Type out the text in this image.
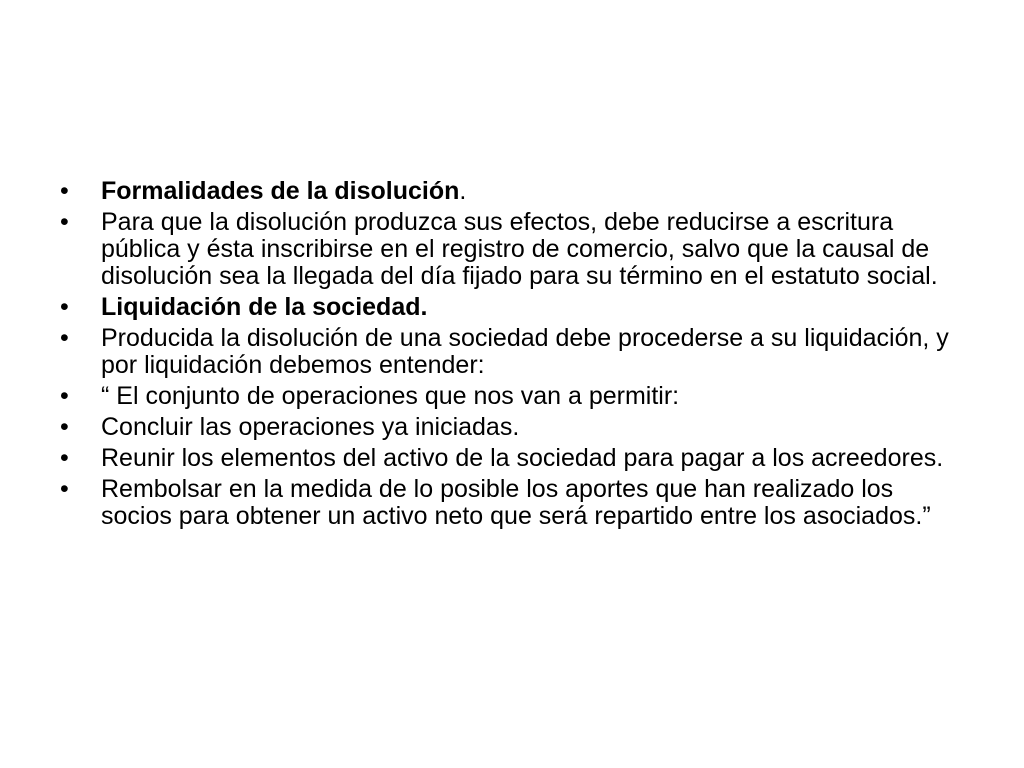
•	Formalidades de la disolución.
•	Para que la disolución produzca sus efectos, debe reducirse a escritura pública y ésta inscribirse en el registro de comercio, salvo que la causal de disolución sea la llegada del día fijado para su término en el estatuto social.
•	Liquidación de la sociedad.
•	Producida la disolución de una sociedad debe procederse a su liquidación, y por liquidación debemos entender:
•	“ El conjunto de operaciones que nos van a permitir:
•	Concluir las operaciones ya iniciadas.
•	Reunir los elementos del activo de la sociedad para pagar a los acreedores.
•	Rembolsar en la medida de lo posible los aportes que han realizado los socios para obtener un activo neto que será repartido entre los asociados.”
